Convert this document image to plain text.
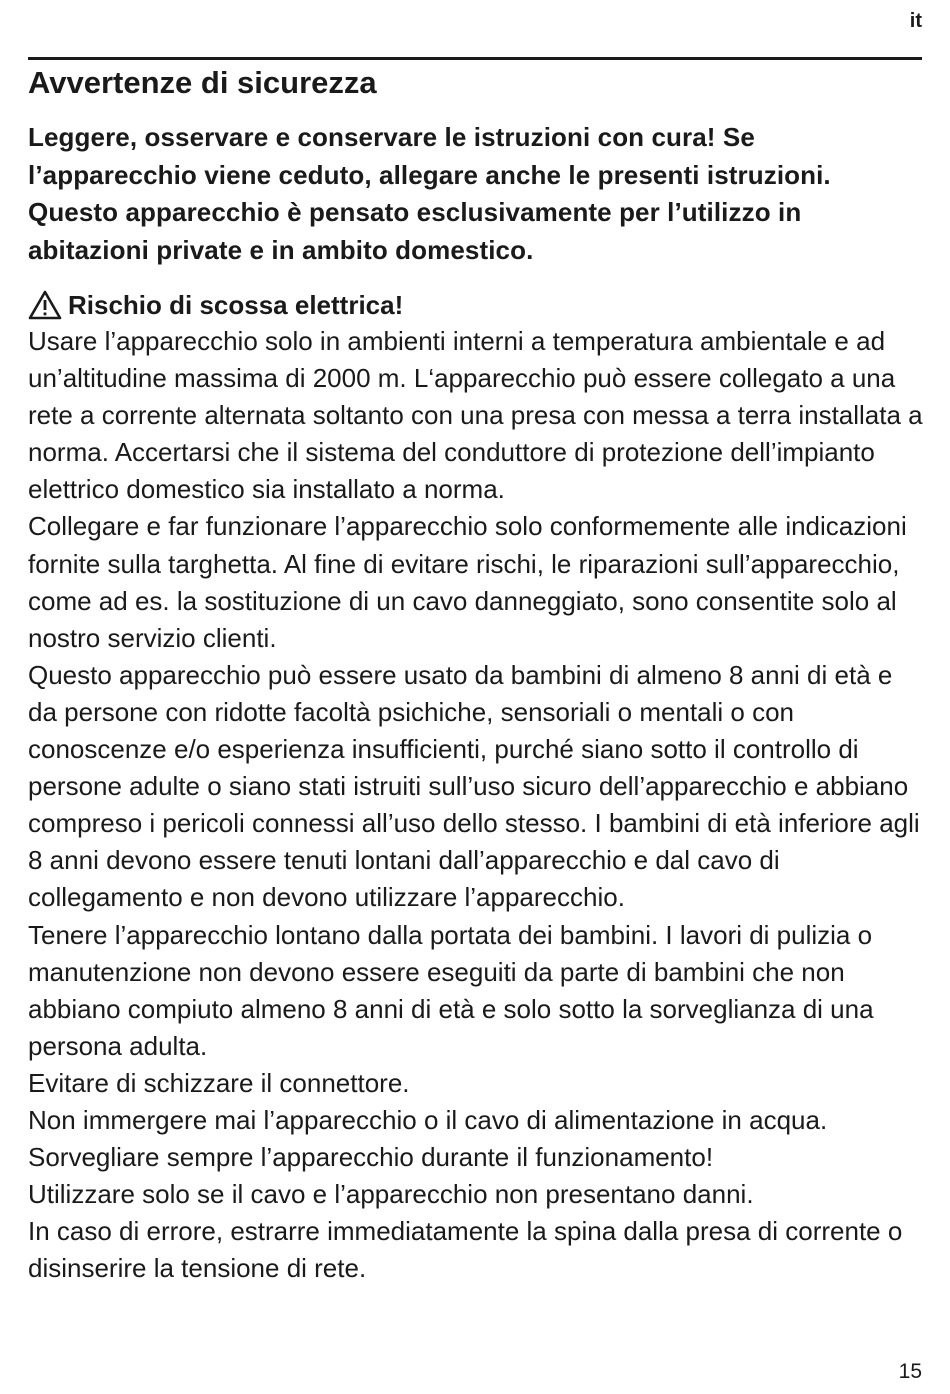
it
Avvertenze di sicurezza

Leggere, osservare e conservare le istruzioni con cura! Se l’apparecchio viene ceduto, allegare anche le presenti istruzioni. Questo apparecchio è pensato esclusivamente per l’utilizzo in abitazioni private e in ambito domestico.

Rischio di scossa elettrica!

Usare l’apparecchio solo in ambienti interni a temperatura ambientale e ad un’altitudine massima di 2000 m. L‘apparecchio può essere collegato a una rete a corrente alternata soltanto con una presa con messa a terra installata a norma. Accertarsi che il sistema del conduttore di protezione dell’impianto elettrico domestico sia installato a norma.

Collegare e far funzionare l’apparecchio solo conformemente alle indicazioni fornite sulla targhetta. Al fine di evitare rischi, le riparazioni sull’apparecchio, come ad es. la sostituzione di un cavo danneggiato, sono consentite solo al nostro servizio clienti.

Questo apparecchio può essere usato da bambini di almeno 8 anni di età e da persone con ridotte facoltà psichiche, sensoriali o mentali o con conoscenze e/o esperienza insufficienti, purché siano sotto il controllo di persone adulte o siano stati istruiti sull’uso sicuro dell’apparecchio e abbiano compreso i pericoli connessi all’uso dello stesso. I bambini di età inferiore agli 8 anni devono essere tenuti lontani dall’apparecchio e dal cavo di collegamento e non devono utilizzare l’apparecchio.

Tenere l’apparecchio lontano dalla portata dei bambini. I lavori di pulizia o manutenzione non devono essere eseguiti da parte di bambini che non abbiano compiuto almeno 8 anni di età e solo sotto la sorveglianza di una persona adulta.

Evitare di schizzare il connettore.

Non immergere mai l’apparecchio o il cavo di alimentazione in acqua. Sorvegliare sempre l’apparecchio durante il funzionamento!

Utilizzare solo se il cavo e l’apparecchio non presentano danni.

In caso di errore, estrarre immediatamente la spina dalla presa di corrente o disinserire la tensione di rete.

15
